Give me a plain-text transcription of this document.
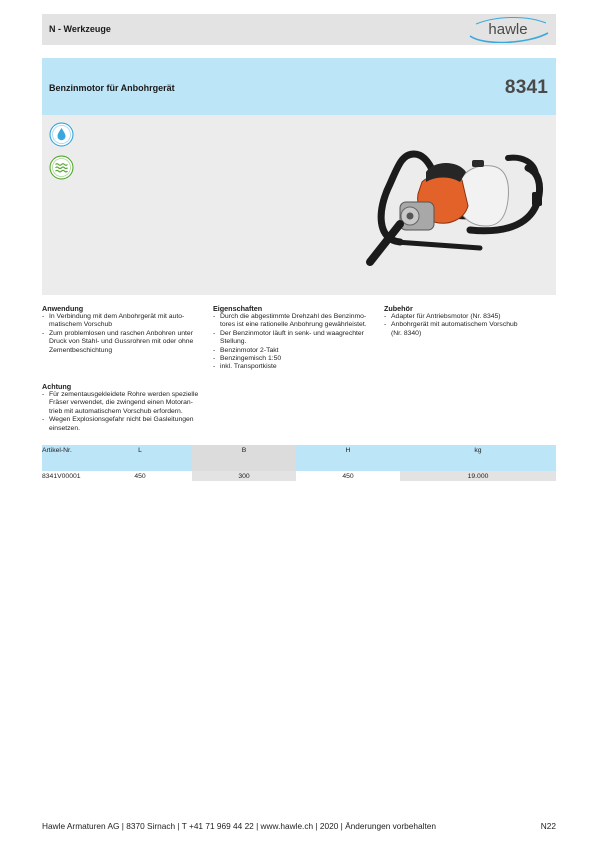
N - Werkzeuge	hawle
Benzinmotor für Anbohrgerät	8341
Anwendung
- In Verbindung mit dem Anbohrgerät mit auto-
matischem Vorschub
- Zum problemlosen und raschen Anbohren unter
Druck von Stahl- und Gussrohren mit oder ohne
Zementbeschichtung
Achtung
- Für zementausgekleidete Rohre werden spezielle
Fräser verwendet, die zwingend einen Motoran-
trieb mit automatischem Vorschub erfordern.
- Wegen Explosionsgefahr nicht bei Gasleitungen
einsetzen.
Eigenschaften
- Durch die abgestimmte Drehzahl des Benzinmo-
tores ist eine rationelle Anbohrung gewährleistet.
- Der Benzinmotor läuft in senk- und waagrechter
Stellung.
- Benzinmotor 2-Takt
- Benzingemisch 1:50
- inkl. Transportkiste
Zubehör
- Adapter für Antriebsmotor (Nr. 8345)
- Anbohrgerät mit automatischem Vorschub
(Nr. 8340)
Artikel-Nr.	L	B	H	kg
8341V00001	450	300	450	19.000
Hawle Armaturen AG | 8370 Sirnach | T +41 71 969 44 22 | www.hawle.ch | 2020 | Änderungen vorbehalten	N22
